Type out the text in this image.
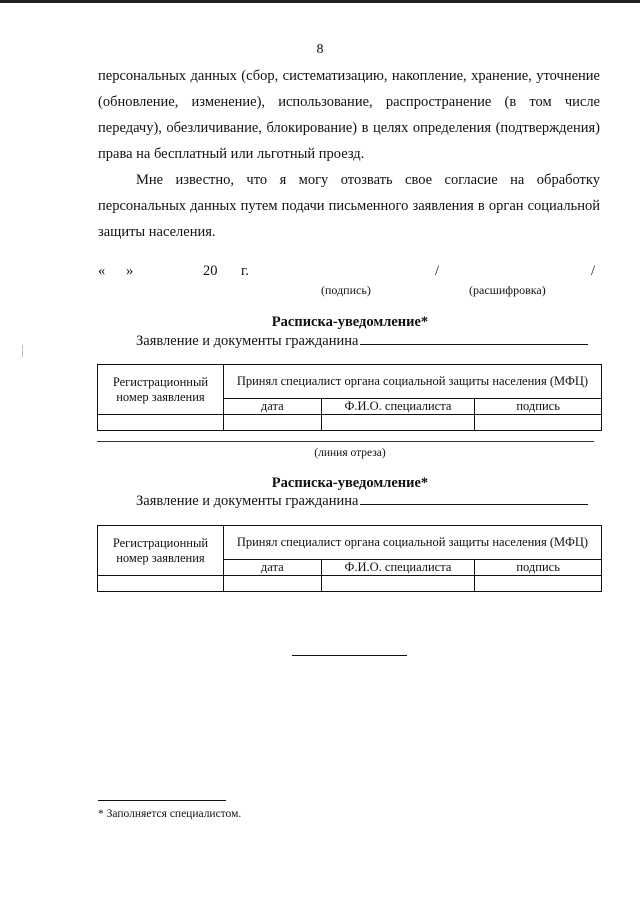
8
персональных данных (сбор, систематизацию, накопление, хранение, уточнение (обновление, изменение), использование, распространение (в том числе передачу), обезличивание, блокирование) в целях определения (подтверждения) права на бесплатный или льготный проезд.
Мне известно, что я могу отозвать свое согласие на обработку персональных данных путем подачи письменного заявления в орган социальной защиты населения.
« »	20 г.	/	/
(подпись)	(расшифровка)
Расписка-уведомление*
Заявление и документы гражданина
Регистрационный номер заявления	Принял специалист органа социальной защиты населения (МФЦ)		
	дата	Ф.И.О. специалиста	подпись

(линия отреза)
Расписка-уведомление*
Заявление и документы гражданина
Регистрационный номер заявления	Принял специалист органа социальной защиты населения (МФЦ)		
	дата	Ф.И.О. специалиста	подпись

* Заполняется специалистом.
